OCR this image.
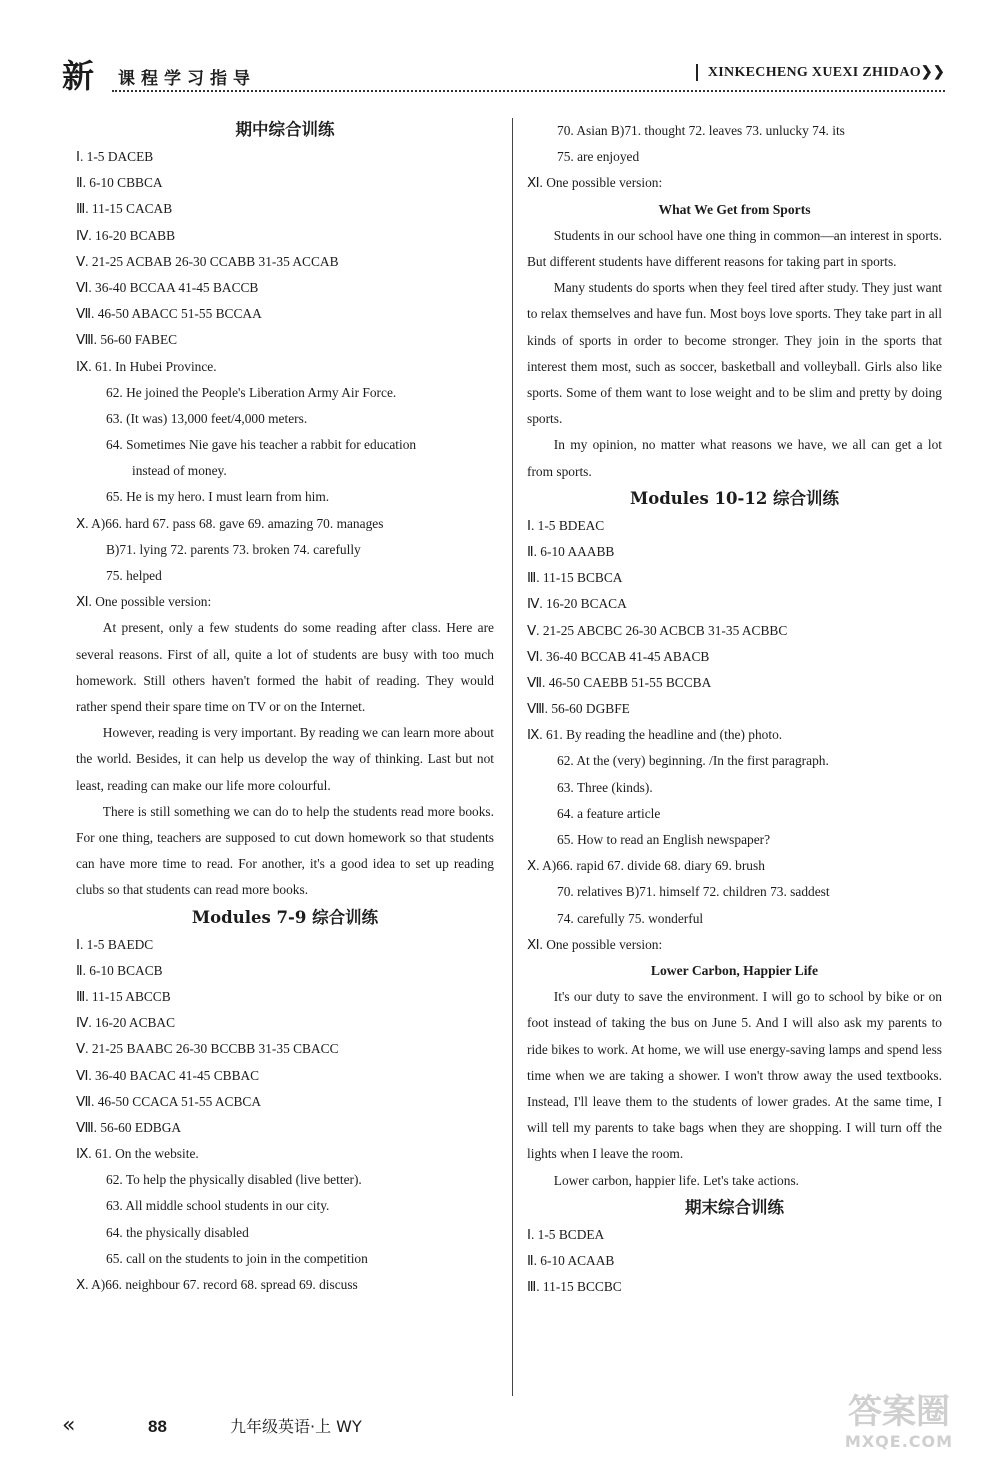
新 课程学习指导	XINKECHENG XUEXI ZHIDAO❯❯
期中综合训练
Ⅰ. 1-5 DACEB
Ⅱ. 6-10 CBBCA
Ⅲ. 11-15 CACAB
Ⅳ. 16-20 BCABB
Ⅴ. 21-25 ACBAB 26-30 CCABB 31-35 ACCAB
Ⅵ. 36-40 BCCAA 41-45 BACCB
Ⅶ. 46-50 ABACC 51-55 BCCAA
Ⅷ. 56-60 FABEC
Ⅸ. 61. In Hubei Province.
62. He joined the People's Liberation Army Air Force.
63. (It was) 13,000 feet/4,000 meters.
64. Sometimes Nie gave his teacher a rabbit for education
instead of money.
65. He is my hero. I must learn from him.
Ⅹ. A)66. hard 67. pass 68. gave 69. amazing 70. manages
B)71. lying 72. parents 73. broken 74. carefully
75. helped
Ⅺ. One possible version:

At present, only a few students do some reading after class. Here are several reasons. First of all, quite a lot of students are busy with too much homework. Still others haven't formed the habit of reading. They would rather spend their spare time on TV or on the Internet.

However, reading is very important. By reading we can learn more about the world. Besides, it can help us develop the way of thinking. Last but not least, reading can make our life more colourful.

There is still something we can do to help the students read more books. For one thing, teachers are supposed to cut down homework so that students can have more time to read. For another, it's a good idea to set up reading clubs so that students can read more books.

Modules 7-9 综合训练
Ⅰ. 1-5 BAEDC
Ⅱ. 6-10 BCACB
Ⅲ. 11-15 ABCCB
Ⅳ. 16-20 ACBAC
Ⅴ. 21-25 BAABC 26-30 BCCBB 31-35 CBACC
Ⅵ. 36-40 BACAC 41-45 CBBAC
Ⅶ. 46-50 CCACA 51-55 ACBCA
Ⅷ. 56-60 EDBGA
Ⅸ. 61. On the website.
62. To help the physically disabled (live better).
63. All middle school students in our city.
64. the physically disabled
65. call on the students to join in the competition
Ⅹ. A)66. neighbour 67. record 68. spread 69. discuss
70. Asian B)71. thought 72. leaves 73. unlucky 74. its
75. are enjoyed
Ⅺ. One possible version:
What We Get from Sports

Students in our school have one thing in common—an interest in sports. But different students have different reasons for taking part in sports.

Many students do sports when they feel tired after study. They just want to relax themselves and have fun. Most boys love sports. They take part in all kinds of sports in order to become stronger. They join in the sports that interest them most, such as soccer, basketball and volleyball. Girls also like sports. Some of them want to lose weight and to be slim and pretty by doing sports.

In my opinion, no matter what reasons we have, we all can get a lot from sports.

Modules 10-12 综合训练
Ⅰ. 1-5 BDEAC
Ⅱ. 6-10 AAABB
Ⅲ. 11-15 BCBCA
Ⅳ. 16-20 BCACA
Ⅴ. 21-25 ABCBC 26-30 ACBCB 31-35 ACBBC
Ⅵ. 36-40 BCCAB 41-45 ABACB
Ⅶ. 46-50 CAEBB 51-55 BCCBA
Ⅷ. 56-60 DGBFE
Ⅸ. 61. By reading the headline and (the) photo.
62. At the (very) beginning. /In the first paragraph.
63. Three (kinds).
64. a feature article
65. How to read an English newspaper?
Ⅹ. A)66. rapid 67. divide 68. diary 69. brush
70. relatives B)71. himself 72. children 73. saddest
74. carefully 75. wonderful
Ⅺ. One possible version:
Lower Carbon, Happier Life

It's our duty to save the environment. I will go to school by bike or on foot instead of taking the bus on June 5. And I will also ask my parents to ride bikes to work. At home, we will use energy-saving lamps and spend less time when we are taking a shower. I won't throw away the used textbooks. Instead, I'll leave them to the students of lower grades. At the same time, I will tell my parents to take bags when they are shopping. I will turn off the lights when I leave the room.

Lower carbon, happier life. Let's take actions.

期末综合训练
Ⅰ. 1-5 BCDEA
Ⅱ. 6-10 ACAAB
Ⅲ. 11-15 BCCBC
«	88	九年级英语·上 WY	答案圈
MXQE.COM
